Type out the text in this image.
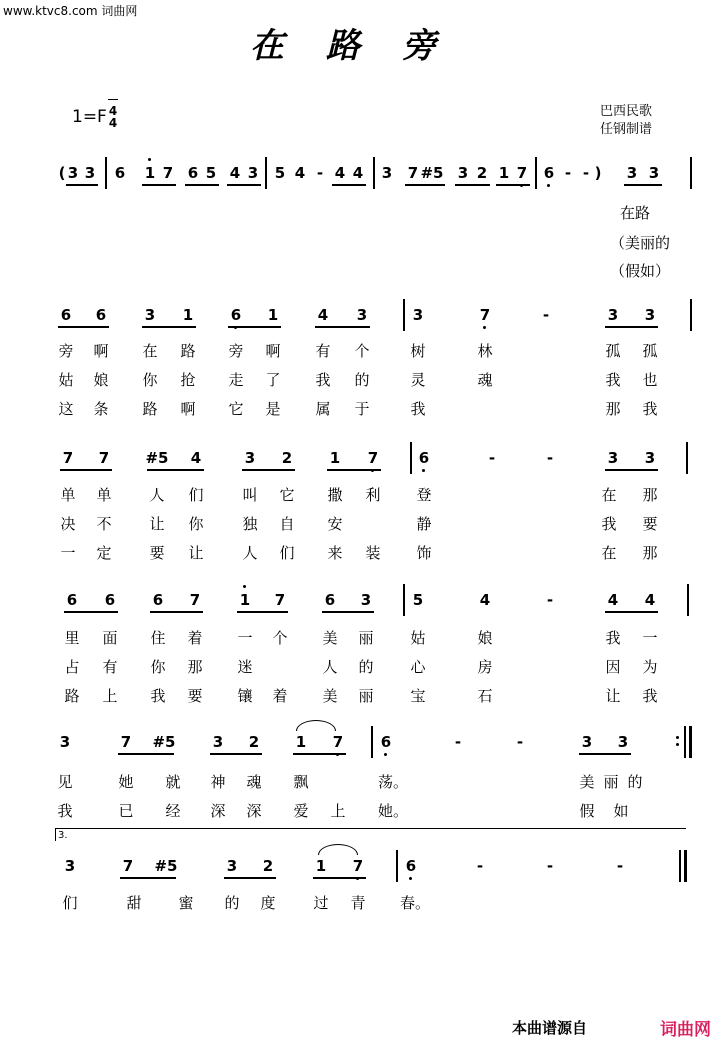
www.ktvc8.com 词曲网
在路旁
$1=F \frac{4}{4}$	巴西民歌
任钢制谱
( 3 3	6	1 7 6 5 4 3	5 4 - 4 4	3	7 #5 3 2 1 7	6 - - )	3 3
在路
（美丽的
（假如）
6	6	3	1	6	1	4	3	3	7	-	3	3
旁 啊 在 路 旁 啊 有 个	树	林	孤 孤
姑 娘 你 抢 走 了 我 的	灵	魂	我 也
这 条 路 啊 它 是 属 于	我	那 我
7	7	#5	4	3	2	1	7	6	-	-	3	3
单 单	人 们	叫 它 撒 利 登	在 那
决 不	让 你	独 自 安	静	我 要
一 定	要 让	人 们 来 装 饰	在 那
6	6	6	7	1	7	6	3	5	4	-	4	4
里 面 住 着 一 个 美 丽 姑	娘	我 一
占 有 你 那 迷	人 的 心	房	因 为
路 上 我 要 镶 着 美 丽 宝	石	让 我
3	7	#5	3	2	1	7	6	-	-	3	3
见	她 就 神 魂 飘	荡。	美 丽 的
我	已 经 深 深 爱 上 她。	假 如
3.
3	7	#5	3	2	1	7	6	-	-	-
们	甜 蜜 的 度	过 青 春。
本曲谱源自	词曲网
